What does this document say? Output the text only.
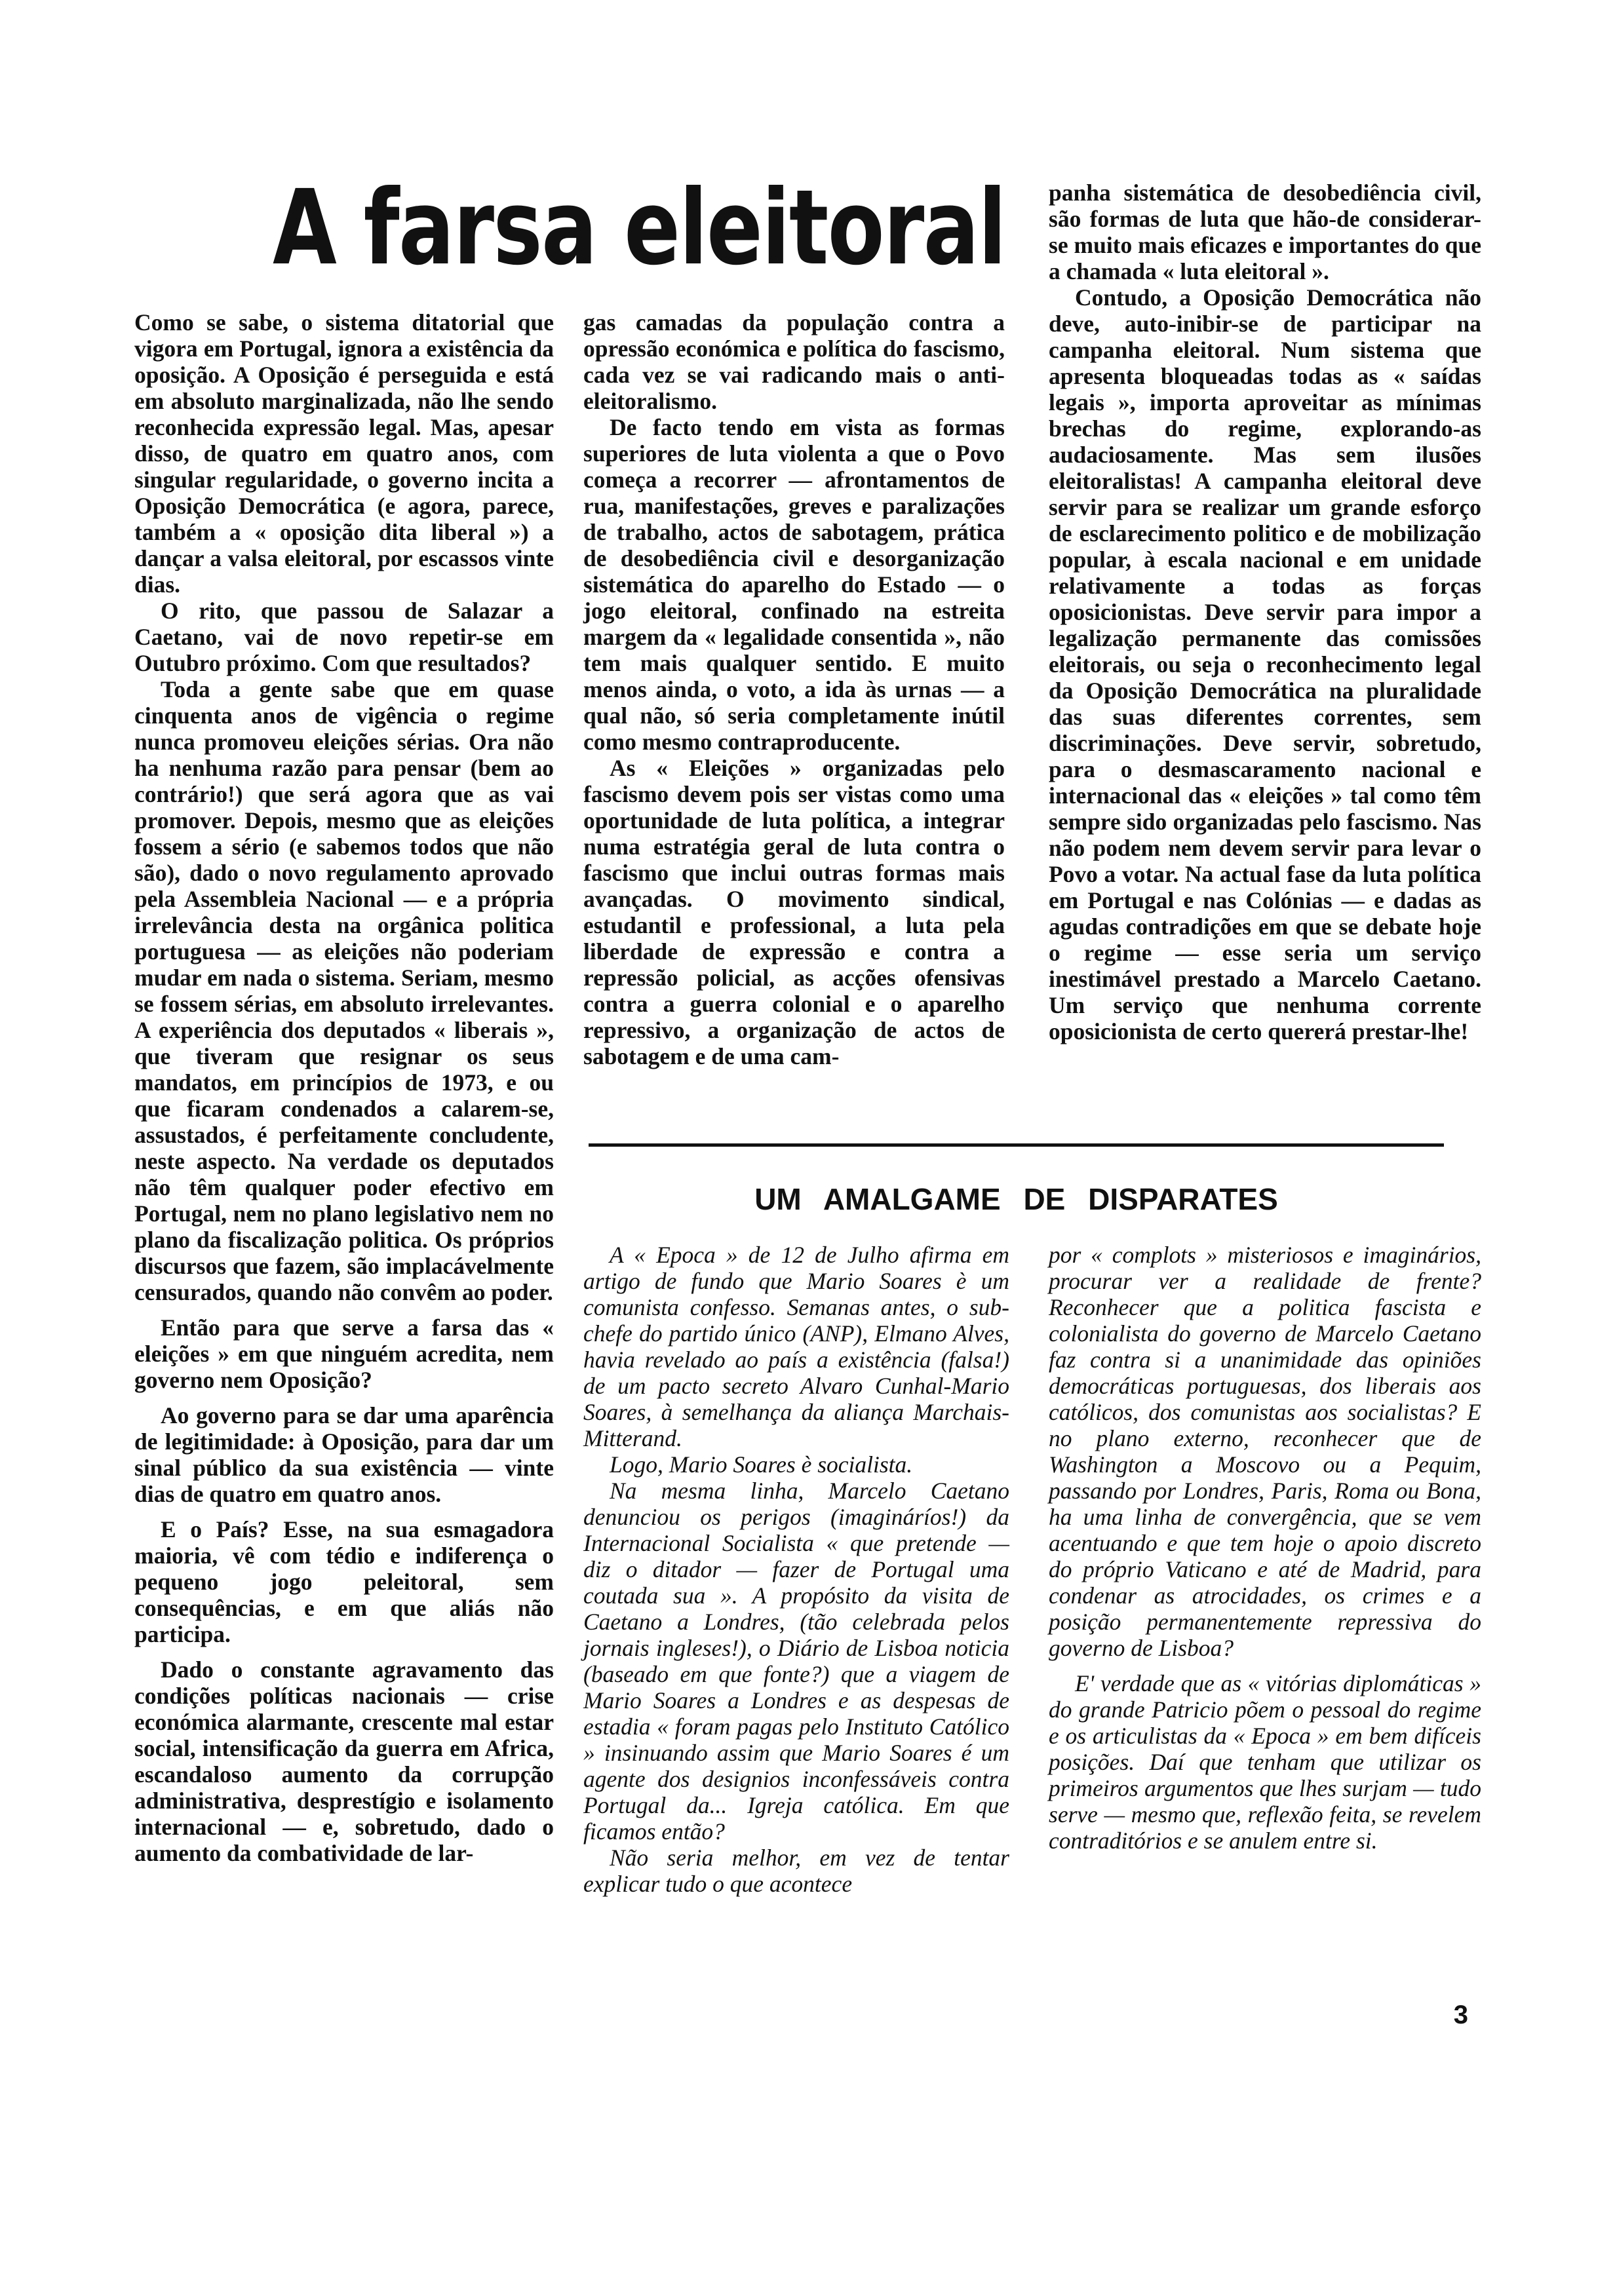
A farsa eleitoral

Como se sabe, o sistema ditatorial que vigora em Portugal, ignora a existência da oposição. A Oposição é perseguida e está em absoluto marginalizada, não lhe sendo reconhecida expressão legal. Mas, apesar disso, de quatro em quatro anos, com singular regularidade, o governo incita a Oposição Democrática (e agora, parece, também a « oposição dita liberal ») a dançar a valsa eleitoral, por escassos vinte dias.

O rito, que passou de Salazar a Caetano, vai de novo repetir-se em Outubro próximo. Com que resultados?

Toda a gente sabe que em quase cinquenta anos de vigência o regime nunca promoveu eleições sérias. Ora não ha nenhuma razão para pensar (bem ao contrário!) que será agora que as vai promover. Depois, mesmo que as eleições fossem a sério (e sabemos todos que não são), dado o novo regulamento aprovado pela Assembleia Nacional — e a própria irrelevância desta na orgânica politica portuguesa — as eleições não poderiam mudar em nada o sistema. Seriam, mesmo se fossem sérias, em absoluto irrelevantes. A experiência dos deputados « liberais », que tiveram que resignar os seus mandatos, em princípios de 1973, e ou que ficaram condenados a calarem-se, assustados, é perfeitamente concludente, neste aspecto. Na verdade os deputados não têm qualquer poder efectivo em Portugal, nem no plano legislativo nem no plano da fiscalização politica. Os próprios discursos que fazem, são implacávelmente censurados, quando não convêm ao poder.

Então para que serve a farsa das « eleições » em que ninguém acredita, nem governo nem Oposição?

Ao governo para se dar uma aparência de legitimidade: à Oposição, para dar um sinal público da sua existência — vinte dias de quatro em quatro anos.

E o País? Esse, na sua esmagadora maioria, vê com tédio e indiferença o pequeno jogo peleitoral, sem consequências, e em que aliás não participa.

Dado o constante agravamento das condições políticas nacionais — crise económica alarmante, crescente mal estar social, intensificação da guerra em Africa, escandaloso aumento da corrupção administrativa, desprestígio e isolamento internacional — e, sobretudo, dado o aumento da combatividade de lar-

gas camadas da população contra a opressão económica e política do fascismo, cada vez se vai radicando mais o anti-eleitoralismo.

De facto tendo em vista as formas superiores de luta violenta a que o Povo começa a recorrer — afrontamentos de rua, manifestações, greves e paralizações de trabalho, actos de sabotagem, prática de desobediência civil e desorganização sistemática do aparelho do Estado — o jogo eleitoral, confinado na estreita margem da « legalidade consentida », não tem mais qualquer sentido. E muito menos ainda, o voto, a ida às urnas — a qual não, só seria completamente inútil como mesmo contraproducente.

As « Eleições » organizadas pelo fascismo devem pois ser vistas como uma oportunidade de luta política, a integrar numa estratégia geral de luta contra o fascismo que inclui outras formas mais avançadas. O movimento sindical, estudantil e professional, a luta pela liberdade de expressão e contra a repressão policial, as acções ofensivas contra a guerra colonial e o aparelho repressivo, a organização de actos de sabotagem e de uma cam-

panha sistemática de desobediência civil, são formas de luta que hão-de considerar-se muito mais eficazes e importantes do que a chamada « luta eleitoral ».

Contudo, a Oposição Democrática não deve, auto-inibir-se de participar na campanha eleitoral. Num sistema que apresenta bloqueadas todas as « saídas legais », importa aproveitar as mínimas brechas do regime, explorando-as audaciosamente. Mas sem ilusões eleitoralistas! A campanha eleitoral deve servir para se realizar um grande esforço de esclarecimento politico e de mobilização popular, à escala nacional e em unidade relativamente a todas as forças oposicionistas. Deve servir para impor a legalização permanente das comissões eleitorais, ou seja o reconhecimento legal da Oposição Democrática na pluralidade das suas diferentes correntes, sem discriminações. Deve servir, sobretudo, para o desmascaramento nacional e internacional das « eleições » tal como têm sempre sido organizadas pelo fascismo. Nas não podem nem devem servir para levar o Povo a votar. Na actual fase da luta política em Portugal e nas Colónias — e dadas as agudas contradições em que se debate hoje o regime — esse seria um serviço inestimável prestado a Marcelo Caetano. Um serviço que nenhuma corrente oposicionista de certo quererá prestar-lhe!

UM AMALGAME DE DISPARATES

A « Epoca » de 12 de Julho afirma em artigo de fundo que Mario Soares è um comunista confesso. Semanas antes, o sub-chefe do partido único (ANP), Elmano Alves, havia revelado ao país a existência (falsa!) de um pacto secreto Alvaro Cunhal-Mario Soares, à semelhança da aliança Marchais-Mitterand.

Logo, Mario Soares è socialista.

Na mesma linha, Marcelo Caetano denunciou os perigos (imagináríos!) da Internacional Socialista « que pretende — diz o ditador — fazer de Portugal uma coutada sua ». A propósito da visita de Caetano a Londres, (tão celebrada pelos jornais ingleses!), o Diário de Lisboa noticia (baseado em que fonte?) que a viagem de Mario Soares a Londres e as despesas de estadia « foram pagas pelo Instituto Católico » insinuando assim que Mario Soares é um agente dos designios inconfessáveis contra Portugal da... Igreja católica. Em que ficamos então?

Não seria melhor, em vez de tentar explicar tudo o que acontece

por « complots » misteriosos e imaginários, procurar ver a realidade de frente? Reconhecer que a politica fascista e colonialista do governo de Marcelo Caetano faz contra si a unanimidade das opiniões democráticas portuguesas, dos liberais aos católicos, dos comunistas aos socialistas? E no plano externo, reconhecer que de Washington a Moscovo ou a Pequim, passando por Londres, Paris, Roma ou Bona, ha uma linha de convergência, que se vem acentuando e que tem hoje o apoio discreto do próprio Vaticano e até de Madrid, para condenar as atrocidades, os crimes e a posição permanentemente repressiva do governo de Lisboa?

E' verdade que as « vitórias diplomáticas » do grande Patricio põem o pessoal do regime e os articulistas da « Epoca » em bem difíceis posições. Daí que tenham que utilizar os primeiros argumentos que lhes surjam — tudo serve — mesmo que, reflexão feita, se revelem contraditórios e se anulem entre si.

3
